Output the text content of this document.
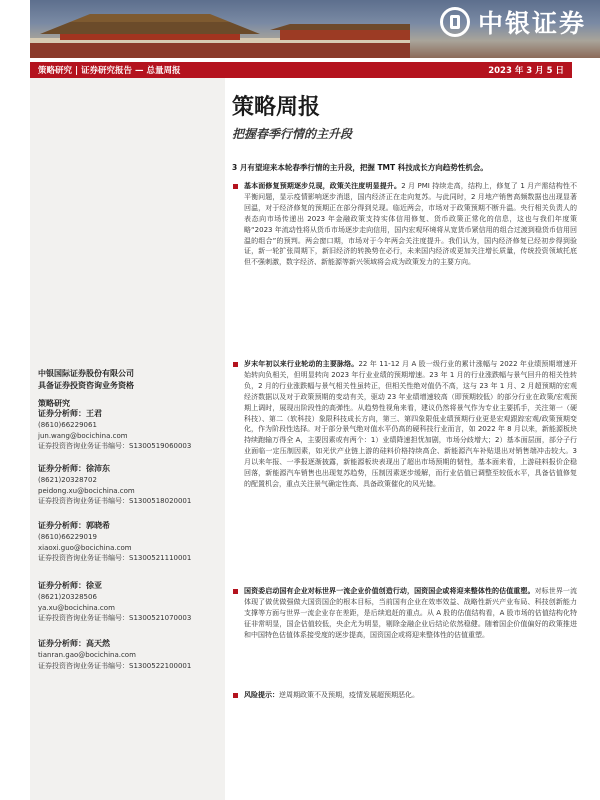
中银证券
策略研究 | 证券研究报告 — 总量周报	2023 年 3 月 5 日
中银国际证券股份有限公司
具备证券投资咨询业务资格
策略研究
证券分析师：王君
(8610)66229061
jun.wang@bocichina.com
证券投资咨询业务证书编号：S1300519060003
证券分析师：徐沛东
(8621)20328702
peidong.xu@bocichina.com
证券投资咨询业务证书编号：S1300518020001
证券分析师：郭晓希
(8610)66229019
xiaoxi.guo@bocichina.com
证券投资咨询业务证书编号：S1300521110001
证券分析师：徐亚
(8621)20328506
ya.xu@bocichina.com
证券投资咨询业务证书编号：S1300521070003
证券分析师：高天然
tianran.gao@bocichina.com
证券投资咨询业务证书编号：S1300522100001
策略周报
把握春季行情的主升段
3 月有望迎来本轮春季行情的主升段，把握 TMT 科技成长方向趋势性机会。
基本面修复预期逐步兑现，政策关注度明显提升。2 月 PMI 持续走高，结构上，修复了 1 月产需结构性不平衡问题，显示疫情影响逐步消退，国内经济正在走向复苏。与此同时，2 月地产销售高频数据也出现显著回温，对于经济修复的预期正在部分得到兑现。临近两会，市场对于政策预期不断升温。央行相关负责人的表态向市场传递出 2023 年金融政策支持实体信用修复、货币政策正常化的信息，这也与我们年度策略“2023 年流动性将从货币市场逐步走向信用，国内宏观环境将从宽货币紧信用的组合过渡到稳货币信用回温的组合”的预判。两会窗口期，市场对于今年两会关注度提升。我们认为，国内经济修复已经初步得到验证，新一轮扩张周期下，新旧经济的转换势在必行，未来国内经济或更加关注增长质量，传统投资领域托底但不强刺激，数字经济、新能源等新兴领域将会成为政策发力的主要方向。
岁末年初以来行业轮动的主要脉络。22 年 11-12 月 A 股一级行业的累计涨幅与 2022 年业绩预期增速开始转向负相关，但明显转向 2023 年行业业绩的预期增速。23 年 1 月的行业涨跌幅与景气回升的相关性转负，2 月的行业涨跌幅与景气相关性虽转正，但相关性绝对值仍不高，这与 23 年 1 月、2 月超预期的宏观经济数据以及对于政策预期的变动有关，驱动 23 年业绩增速较高（即预期较低）的部分行业在政策/宏观预期上调时，展现出阶段性的高弹性。从趋势性视角来看，建议仍然将景气作为专业主要抓手，关注第一（硬科技）、第二（软科技）象限科技成长方向，第三、第四象限低业绩预期行业更是宏观跟踪宏观/政策预期变化，作为阶段性选择。对于部分景气绝对值水平仍高的硬科技行业而言，如 2022 年 8 月以来，新能源板块持续跑输万得全 A，主要因素或有两个：1）业绩降速担忧加剧，市场分歧增大；2）基本面层面，部分子行业面临一定压制因素，如光伏产业链上游的硅料价格持续高企、新能源汽车补贴退出对销售端冲击较大。3 月以来年报、一季报逐渐披露，新能源板块表现出了超出市场预期的韧性，基本面来看，上游硅料报价企稳回落，新能源汽车销售也出现复苏趋势，压制因素逐步缓解，而行业估值已调整至较低水平，具备估值修复的配置机会，重点关注景气确定性高、具备政策催化的风光储。
国资委启动国有企业对标世界一流企业价值创造行动，国资国企或将迎来整体性的估值重塑。对标世界一流体现了做优做强做大国资国企的根本目标，当前国有企业在效率效益、战略性新兴产业布局、科技创新能力支撑等方面与世界一流企业存在差距，是后续追赶的重点。从 A 股的估值结构看，A 股市场的估值结构化特征非常明显，国企估值较低，央企尤为明显，剔除金融企业后结论依然稳健。随着国企价值偏好的政策推进和中国特色估值体系接受度的逐步提高，国资国企或将迎来整体性的估值重塑。
风险提示：逆周期政策不及预期，疫情发展超预期恶化。
